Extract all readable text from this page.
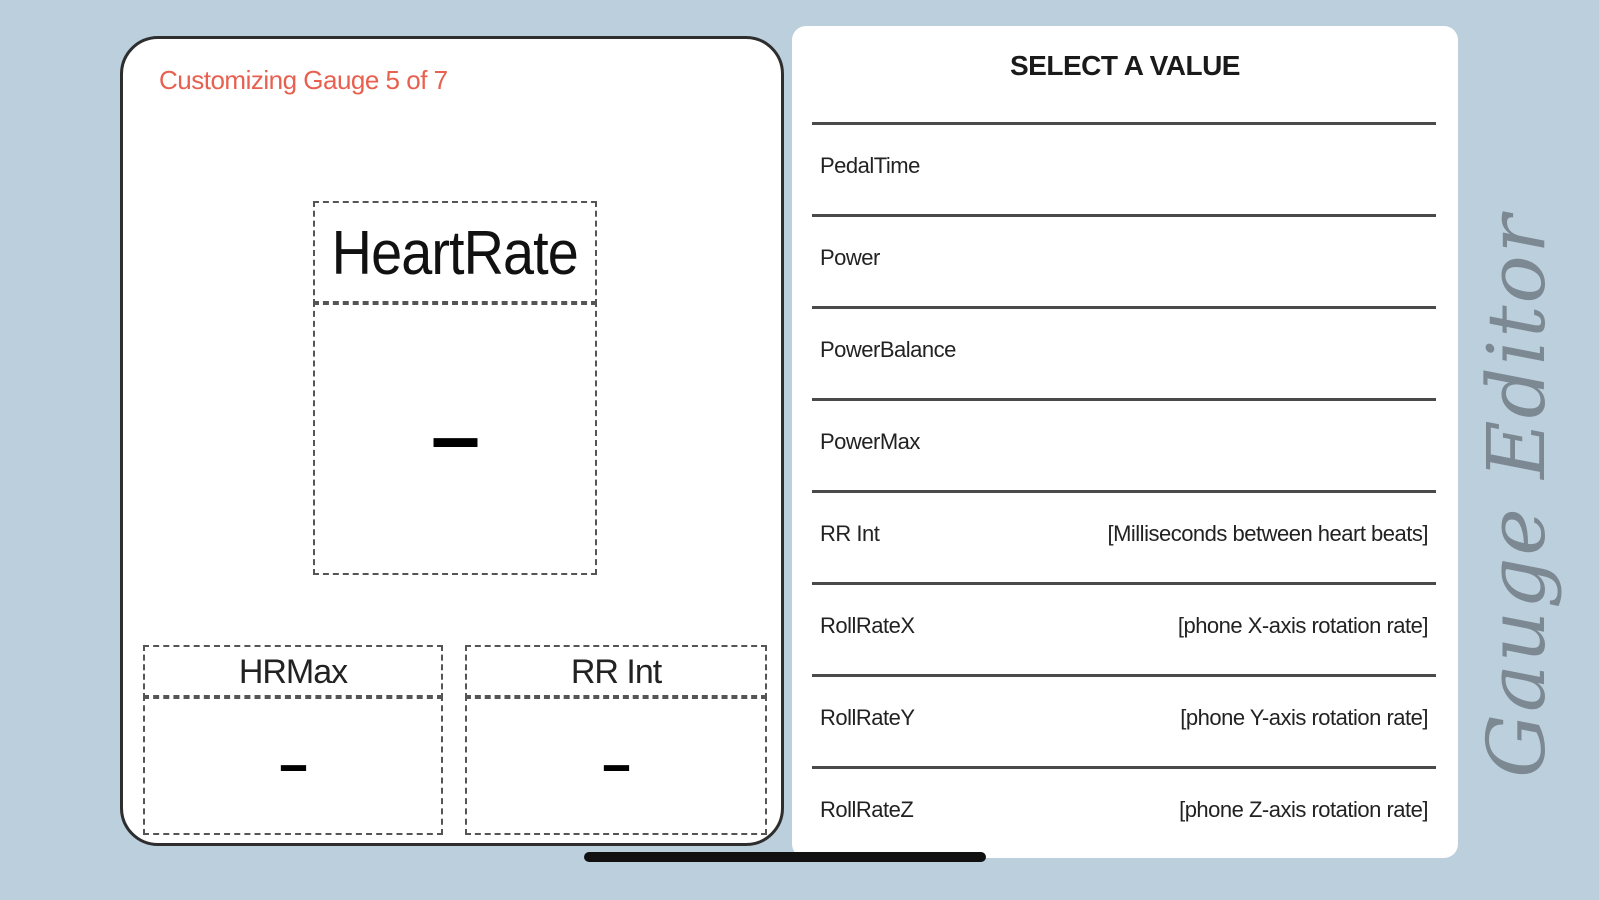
Customizing Gauge 5 of 7
HeartRate
–
HRMax
–
RR Int
–
SELECT A VALUE
PedalTime
Power
PowerBalance
PowerMax
RR Int	[Milliseconds between heart beats]
RollRateX	[phone X-axis rotation rate]
RollRateY	[phone Y-axis rotation rate]
RollRateZ	[phone Z-axis rotation rate]
Gauge Editor
